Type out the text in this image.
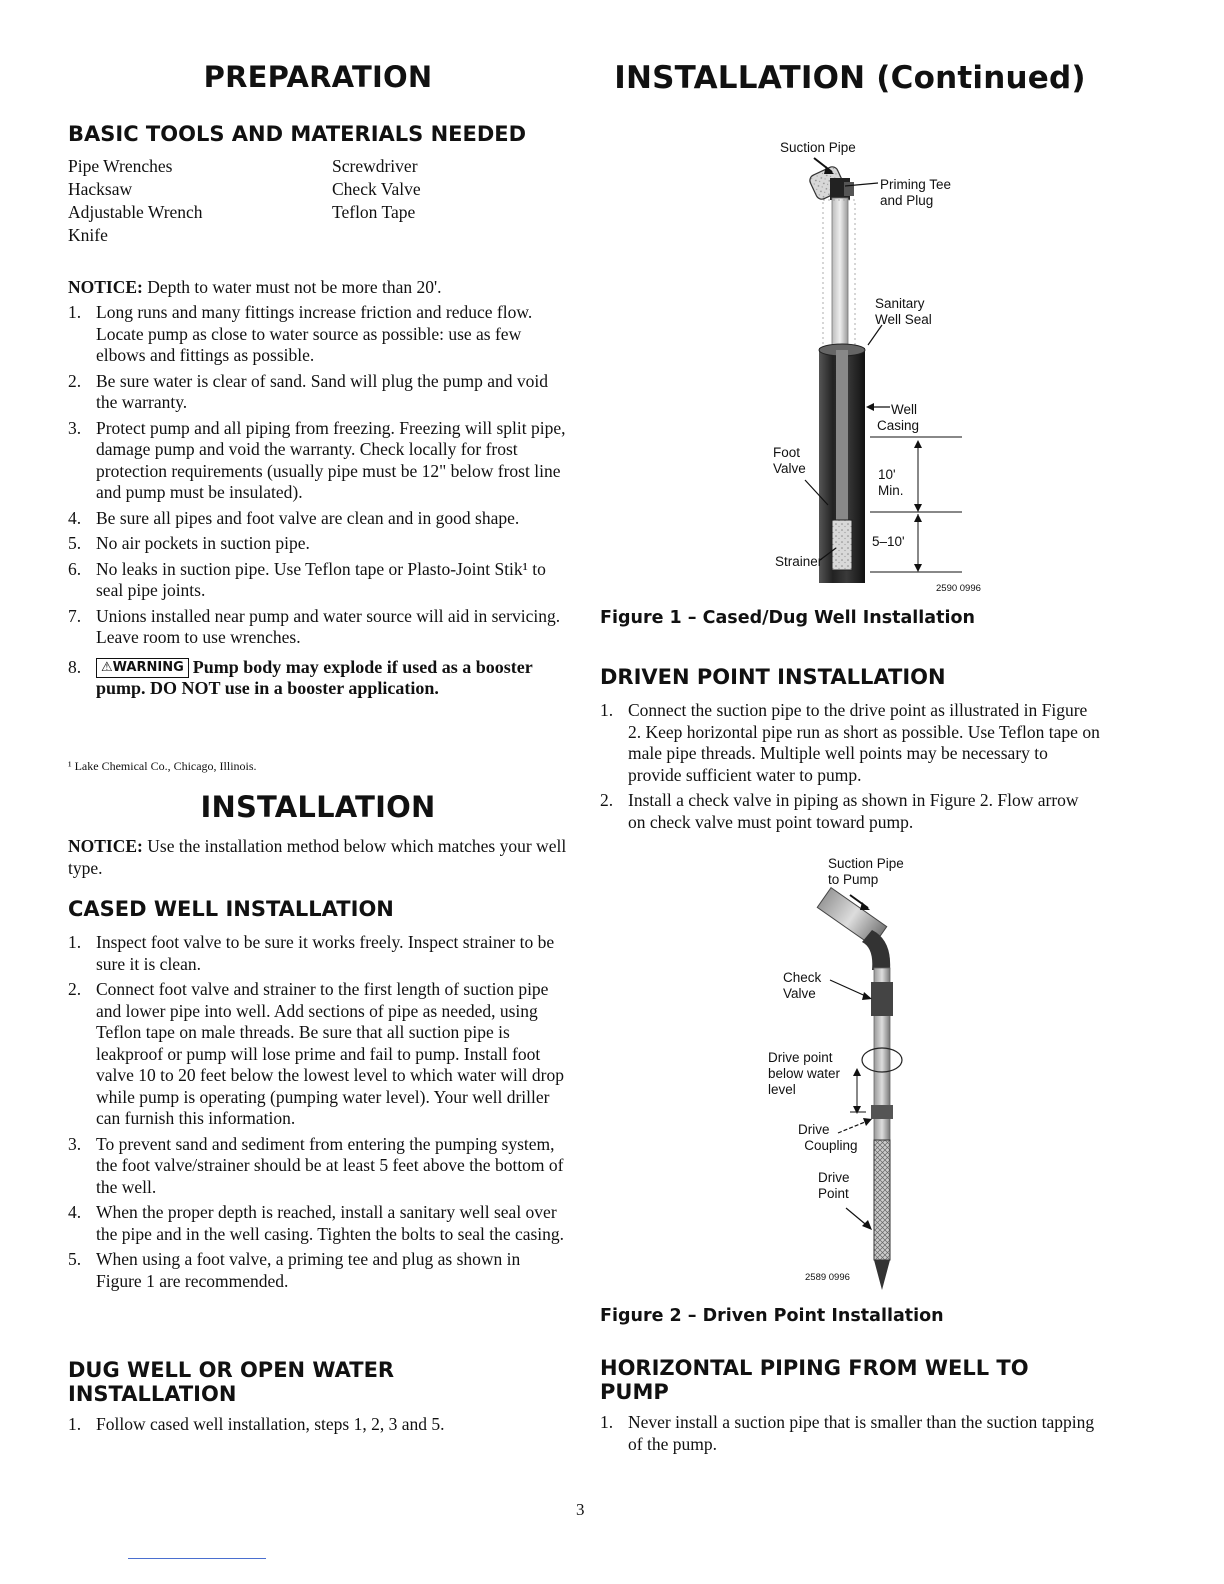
PREPARATION
BASIC TOOLS AND MATERIALS NEEDED
Pipe Wrenches
Hacksaw
Adjustable Wrench
Knife
Screwdriver
Check Valve
Teflon Tape

NOTICE: Depth to water must not be more than 20'.

1. Long runs and many fittings increase friction and reduce flow. Locate pump as close to water source as possible: use as few elbows and fittings as possible.
2. Be sure water is clear of sand. Sand will plug the pump and void the warranty.
3. Protect pump and all piping from freezing. Freezing will split pipe, damage pump and void the warranty. Check locally for frost protection requirements (usually pipe must be 12" below frost line and pump must be insulated).
4. Be sure all pipes and foot valve are clean and in good shape.
5. No air pockets in suction pipe.
6. No leaks in suction pipe. Use Teflon tape or Plasto-Joint Stik¹ to seal pipe joints.
7. Unions installed near pump and water source will aid in servicing. Leave room to use wrenches.
8. ⚠WARNING Pump body may explode if used as a booster pump. DO NOT use in a booster application.
¹ Lake Chemical Co., Chicago, Illinois.
INSTALLATION

NOTICE: Use the installation method below which matches your well type.

CASED WELL INSTALLATION
1. Inspect foot valve to be sure it works freely. Inspect strainer to be sure it is clean.
2. Connect foot valve and strainer to the first length of suction pipe and lower pipe into well. Add sections of pipe as needed, using Teflon tape on male threads. Be sure that all suction pipe is leakproof or pump will lose prime and fail to pump. Install foot valve 10 to 20 feet below the lowest level to which water will drop while pump is operating (pumping water level). Your well driller can furnish this information.
3. To prevent sand and sediment from entering the pumping system, the foot valve/strainer should be at least 5 feet above the bottom of the well.
4. When the proper depth is reached, install a sanitary well seal over the pipe and in the well casing. Tighten the bolts to seal the casing.
5. When using a foot valve, a priming tee and plug as shown in Figure 1 are recommended.
DUG WELL OR OPEN WATER
INSTALLATION
1. Follow cased well installation, steps 1, 2, 3 and 5.
INSTALLATION (Continued)
Suction Pipe
Priming Tee
and Plug
Sanitary
Well Seal
Well
Casing
Foot
Valve	10'
Min.
5–10'
Strainer
2590 0996

Figure 1 – Cased/Dug Well Installation

DRIVEN POINT INSTALLATION
1. Connect the suction pipe to the drive point as illustrated in Figure 2. Keep horizontal pipe run as short as possible. Use Teflon tape on male pipe threads. Multiple well points may be necessary to provide sufficient water to pump.
2. Install a check valve in piping as shown in Figure 2. Flow arrow on check valve must point toward pump.
Suction Pipe
to Pump
Check
Valve
Drive point
below water
level
Drive
Coupling
Drive
Point
2589 0996

Figure 2 – Driven Point Installation

HORIZONTAL PIPING FROM WELL TO
PUMP
1. Never install a suction pipe that is smaller than the suction tapping of the pump.
3
